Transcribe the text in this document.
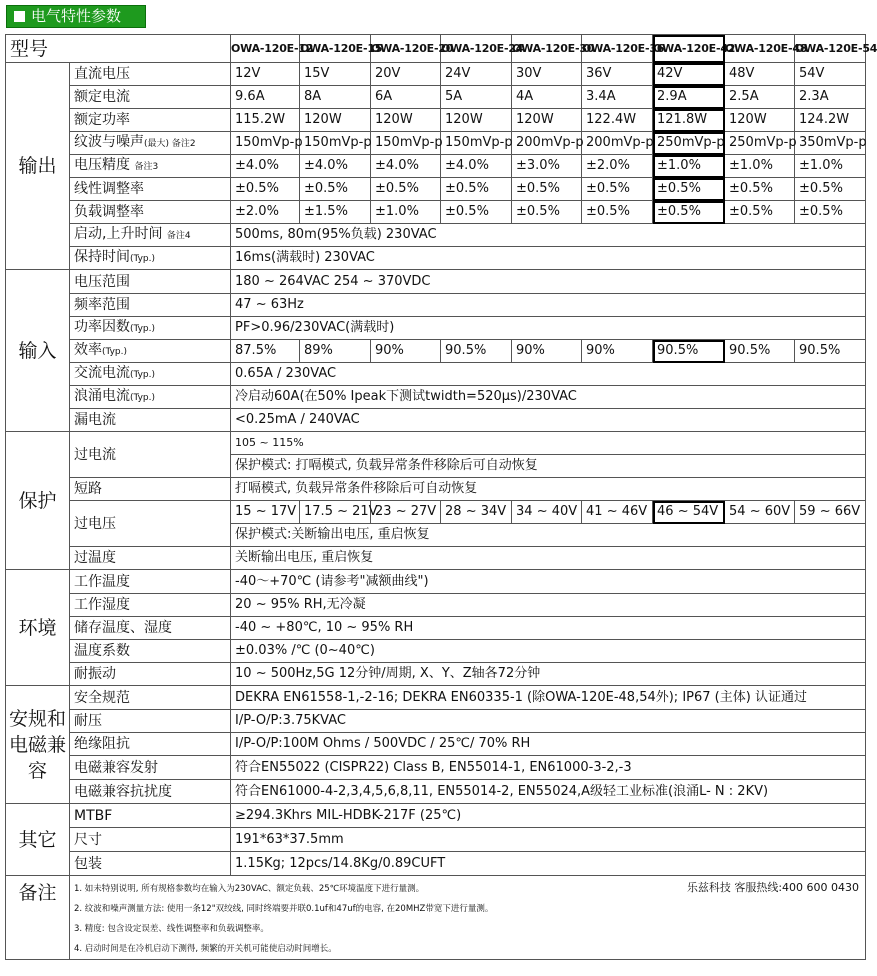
电气特性参数
型号		OWA-120E-12	OWA-120E-15	OWA-120E-20	OWA-120E-24	OWA-120E-30	OWA-120E-36	OWA-120E-42	OWA-120E-48	OWA-120E-54
输出	直流电压	12V	15V	20V	24V	30V	36V	42V	48V	54V
	额定电流	9.6A	8A	6A	5A	4A	3.4A	2.9A	2.5A	2.3A
	额定功率	115.2W	120W	120W	120W	120W	122.4W	121.8W	120W	124.2W
	纹波与噪声(最大) 备注2	150mVp-p	150mVp-p	150mVp-p	150mVp-p	200mVp-p	200mVp-p	250mVp-p	250mVp-p	350mVp-p
	电压精度 备注3	±4.0%	±4.0%	±4.0%	±4.0%	±3.0%	±2.0%	±1.0%	±1.0%	±1.0%
	线性调整率	±0.5%	±0.5%	±0.5%	±0.5%	±0.5%	±0.5%	±0.5%	±0.5%	±0.5%
	负载调整率	±2.0%	±1.5%	±1.0%	±0.5%	±0.5%	±0.5%	±0.5%	±0.5%	±0.5%
	启动,上升时间 备注4	500ms, 80m(95%负载) 230VAC								
	保持时间(Typ.)	16ms(满载时) 230VAC								
输入	电压范围	180 ~ 264VAC 254 ~ 370VDC								
	频率范围	47 ~ 63Hz								
	功率因数(Typ.)	PF>0.96/230VAC(满载时)								
	效率(Typ.)	87.5%	89%	90%	90.5%	90%	90%	90.5%	90.5%	90.5%
	交流电流(Typ.)	0.65A / 230VAC								
	浪涌电流(Typ.)	冷启动60A(在50% Ipeak下测试twidth=520µs)/230VAC								
	漏电流	<0.25mA / 240VAC								
保护	过电流	105 ~ 115%								
		保护模式: 打嗝模式, 负载异常条件移除后可自动恢复								
	短路	打嗝模式, 负载异常条件移除后可自动恢复								
	过电压	15 ~ 17V	17.5 ~ 21V	23 ~ 27V	28 ~ 34V	34 ~ 40V	41 ~ 46V	46 ~ 54V	54 ~ 60V	59 ~ 66V
		保护模式:关断输出电压, 重启恢复								
	过温度	关断输出电压, 重启恢复								
环境	工作温度	-40～+70℃ (请参考"减额曲线")								
	工作湿度	20 ~ 95% RH,无冷凝								
	储存温度、湿度	-40 ~ +80℃, 10 ~ 95% RH								
	温度系数	±0.03% /℃ (0~40℃)								
	耐振动	10 ~ 500Hz,5G 12分钟/周期, X、Y、Z轴各72分钟								
安规和电磁兼容	安全规范	DEKRA EN61558-1,-2-16; DEKRA EN60335-1 (除OWA-120E-48,54外); IP67 (主体) 认证通过								
	耐压	I/P-O/P:3.75KVAC								
	绝缘阻抗	I/P-O/P:100M Ohms / 500VDC / 25℃/ 70% RH								
	电磁兼容发射	符合EN55022 (CISPR22) Class B, EN55014-1, EN61000-3-2,-3								
	电磁兼容抗扰度	符合EN61000-4-2,3,4,5,6,8,11, EN55014-2, EN55024,A级轻工业标准(浪涌L- N : 2KV)								
其它	MTBF	≥294.3Khrs MIL-HDBK-217F (25℃)								
	尺寸	191*63*37.5mm								
	包装	1.15Kg; 12pcs/14.8Kg/0.89CUFT								
备注	1. 如未特别说明, 所有规格参数均在输入为230VAC、额定负载、25℃环境温度下进行量测。
2. 纹波和噪声测量方法: 使用一条12"双绞线, 同时终端要并联0.1uf和47uf的电容, 在20MHZ带宽下进行量测。
3. 精度: 包含设定误差、线性调整率和负载调整率。
4. 启动时间是在冷机启动下测得, 频繁的开关机可能使启动时间增长。
乐兹科技 客服热线:400 600 0430									
